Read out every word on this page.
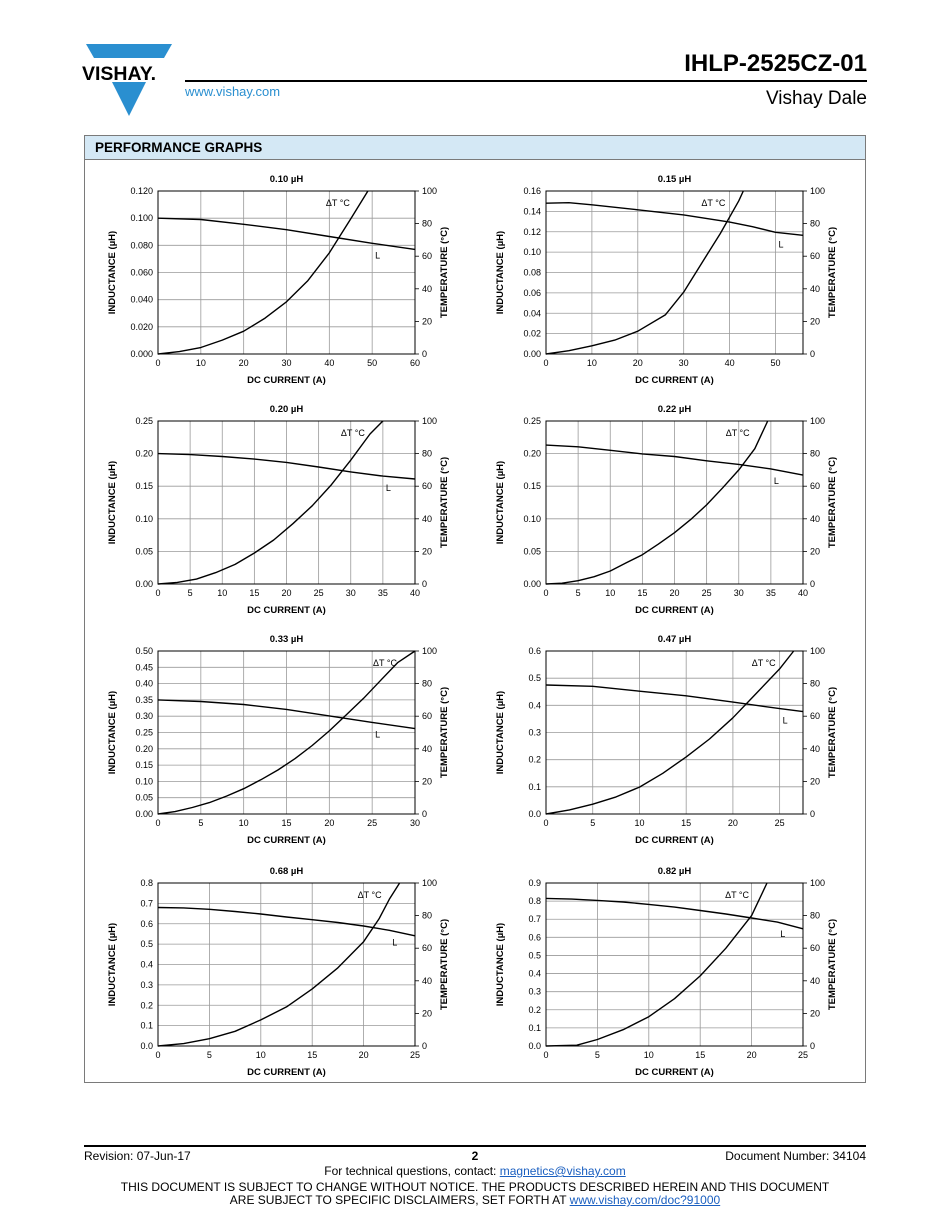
VISHAY.
www.vishay.com
IHLP-2525CZ-01
Vishay Dale
PERFORMANCE GRAPHS
0	10	20	30	40	50	60
0.000
0.020
0.040
0.060
0.080
0.100
0.120
0
20
40
60
80
100
0.10 µH
DC CURRENT (A)
INDUCTANCE (µH)	TEMPERATURE (°C)
L
ΔT °C
0	10	20	30	40	50
0.00
0.02
0.04
0.06
0.08
0.10
0.12
0.14
0.16
0
20
40
60
80
100
0.15 µH
DC CURRENT (A)
INDUCTANCE (µH)	TEMPERATURE (°C)
L
ΔT °C
0	5	10 15 20 25 30 35 40
0.00
0.05
0.10
0.15
0.20
0.25
0
20
40
60
80
100
0.20 µH
DC CURRENT (A)
INDUCTANCE (µH)	TEMPERATURE (°C)
L
ΔT °C
0	5	10 15 20 25 30 35 40
0.00
0.05
0.10
0.15
0.20
0.25
0
20
40
60
80
100
0.22 µH
DC CURRENT (A)
INDUCTANCE (µH)	TEMPERATURE (°C)
L
ΔT °C
0	5	10	15	20	25	30
0.00
0.05
0.10
0.15
0.20
0.25
0.30
0.35
0.40
0.45
0.50
0
20
40
60
80
100
0.33 µH
DC CURRENT (A)
INDUCTANCE (µH)	TEMPERATURE (°C)
L
ΔT °C
0	5	10	15	20	25
0.0
0.1
0.2
0.3
0.4
0.5
0.6
0
20
40
60
80
100
0.47 µH
DC CURRENT (A)
INDUCTANCE (µH)	TEMPERATURE (°C)
L
ΔT °C
0	5	10	15	20	25
0.0
0.1
0.2
0.3
0.4
0.5
0.6
0.7
0.8
0
20
40
60
80
100
0.68 µH
DC CURRENT (A)
INDUCTANCE (µH)	TEMPERATURE (°C)
L
ΔT °C
0	5	10	15	20	25
0.0
0.1
0.2
0.3
0.4
0.5
0.6
0.7
0.8
0.9
0
20
40
60
80
100
0.82 µH
DC CURRENT (A)
INDUCTANCE (µH)	TEMPERATURE (°C)
L
ΔT °C
Revision: 07-Jun-17	2	Document Number: 34104
For technical questions, contact: magnetics@vishay.com
THIS DOCUMENT IS SUBJECT TO CHANGE WITHOUT NOTICE. THE PRODUCTS DESCRIBED HEREIN AND THIS DOCUMENT
ARE SUBJECT TO SPECIFIC DISCLAIMERS, SET FORTH AT www.vishay.com/doc?91000
